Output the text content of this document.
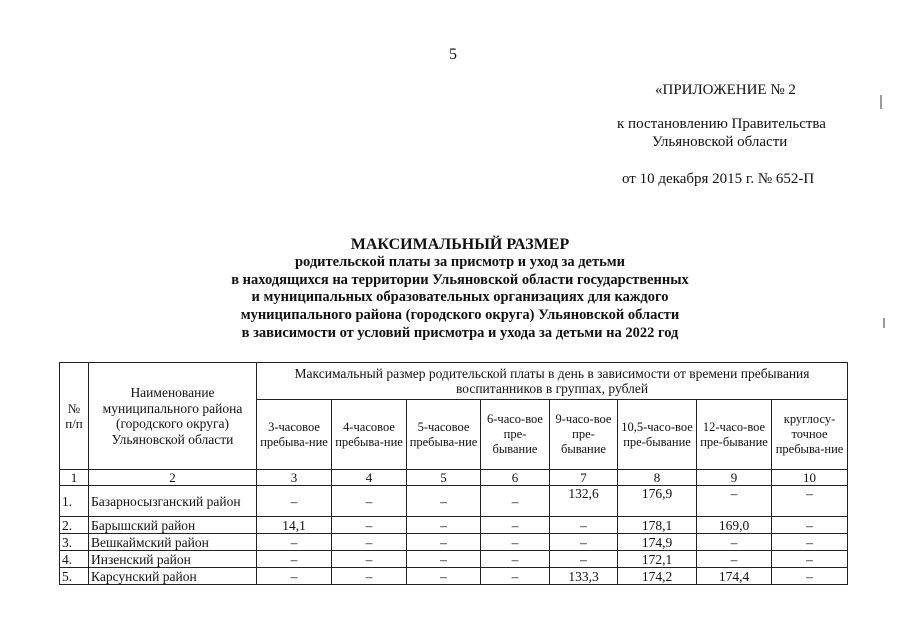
5
«ПРИЛОЖЕНИЕ № 2
к постановлению Правительства
Ульяновской области
от 10 декабря 2015 г. № 652-П
МАКСИМАЛЬНЫЙ РАЗМЕР
родительской платы за присмотр и уход за детьми
в находящихся на территории Ульяновской области государственных
и муниципальных образовательных организациях для каждого
муниципального района (городского округа) Ульяновской области
в зависимости от условий присмотра и ухода за детьми на 2022 год
№ п/п	Наименование муниципального района (городского округа) Ульяновской области	Максимальный размер родительской платы в день в зависимости от времени пребывания воспитанников в группах, рублей							
		3-часовое пребыва-ние	4-часовое пребыва-ние	5-часовое пребыва-ние	6-часо-вое пре-бывание	9-часо-вое пре-бывание	10,5-часо-вое пре-бывание	12-часо-вое пре-бывание	круглосу-точное пребыва-ние
1	2	3	4	5	6	7	8	9	10
1.	Базарносызганский район	–	–	–	–	132,6	176,9	–	–
2.	Барышский район	14,1	–	–	–	–	178,1	169,0	–
3.	Вешкаймский район	–	–	–	–	–	174,9	–	–
4.	Инзенский район	–	–	–	–	–	172,1	–	–
5.	Карсунский район	–	–	–	–	133,3	174,2	174,4	–
